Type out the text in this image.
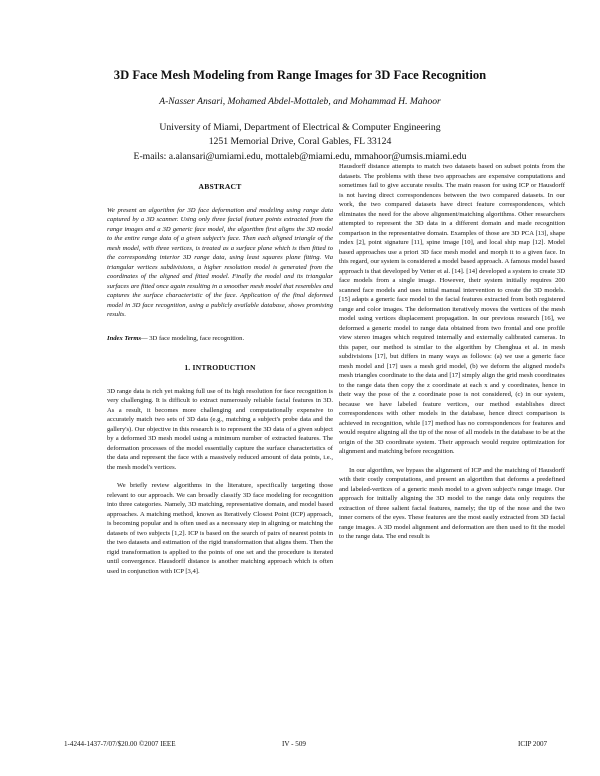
3D Face Mesh Modeling from Range Images for 3D Face Recognition
A-Nasser Ansari, Mohamed Abdel-Mottaleb, and Mohammad H. Mahoor
University of Miami, Department of Electrical & Computer Engineering
1251 Memorial Drive, Coral Gables, FL 33124
E-mails: a.alansari@umiami.edu, mottaleb@miami.edu, mmahoor@umsis.miami.edu
ABSTRACT

We present an algorithm for 3D face deformation and modeling using range data captured by a 3D scanner. Using only three facial feature points extracted from the range images and a 3D generic face model, the algorithm first aligns the 3D model to the entire range data of a given subject's face. Then each aligned triangle of the mesh model, with three vertices, is treated as a surface plane which is then fitted to the corresponding interior 3D range data, using least squares plane fitting. Via triangular vertices subdivisions, a higher resolution model is generated from the coordinates of the aligned and fitted model. Finally the model and its triangular surfaces are fitted once again resulting in a smoother mesh model that resembles and captures the surface characteristic of the face. Application of the final deformed model in 3D face recognition, using a publicly available database, shows promising results.

Index Terms— 3D face modeling, face recognition.

1. INTRODUCTION

3D range data is rich yet making full use of its high resolution for face recognition is very challenging. It is difficult to extract numerously reliable facial features in 3D. As a result, it becomes more challenging and computationally expensive to accurately match two sets of 3D data (e.g., matching a subject's probe data and the gallery's). Our objective in this research is to represent the 3D data of a given subject by a deformed 3D mesh model using a minimum number of extracted features. The deformation processes of the model essentially capture the surface characteristics of the data and represent the face with a massively reduced amount of data points, i.e., the mesh model's vertices.

We briefly review algorithms in the literature, specifically targeting those relevant to our approach. We can broadly classify 3D face modeling for recognition into three categories. Namely, 3D matching, representative domain, and model based approaches. A matching method, known as Iteratively Closest Point (ICP) approach, is becoming popular and is often used as a necessary step in aligning or matching the datasets of two subjects [1,2]. ICP is based on the search of pairs of nearest points in the two datasets and estimation of the rigid transformation that aligns them. Then the rigid transformation is applied to the points of one set and the procedure is iterated until convergence. Hausdorff distance is another matching approach which is often used in conjunction with ICP [3,4].

Hausdorff distance attempts to match two datasets based on subset points from the datasets. The problems with these two approaches are expensive computations and sometimes fail to give accurate results. The main reason for using ICP or Hausdorff is not having direct correspondences between the two compared datasets. In our work, the two compared datasets have direct feature correspondences, which eliminates the need for the above alignment/matching algorithms. Other researchers attempted to represent the 3D data in a different domain and made recognition comparison in the representative domain. Examples of those are 3D PCA [13], shape index [2], point signature [11], spine image [10], and local ship map [12]. Model based approaches use a priori 3D face mesh model and morph it to a given face. In this regard, our system is considered a model based approach. A famous model based approach is that developed by Vetter et al. [14]. [14] developed a system to create 3D face models from a single image. However, their system initially requires 200 scanned face models and uses initial manual intervention to create the 3D models. [15] adapts a generic face model to the facial features extracted from both registered range and color images. The deformation iteratively moves the vertices of the mesh model using vertices displacement propagation. In our previous research [16], we deformed a generic model to range data obtained from two frontal and one profile view stereo images which required internally and externally calibrated cameras. In this paper, our method is similar to the algorithm by Chenghua et al. in mesh subdivisions [17], but differs in many ways as follows: (a) we use a generic face mesh model and [17] uses a mesh grid model, (b) we deform the aligned model's mesh triangles coordinate to the data and [17] simply align the grid mesh coordinates to the range data then copy the z coordinate at each x and y coordinates, hence in their way the pose of the z coordinate pose is not considered, (c) in our system, because we have labeled feature vertices, our method establishes direct correspondences with other models in the database, hence direct comparison is achieved in recognition, while [17] method has no correspondences for features and would require aligning all the tip of the nose of all models in the database to be at the origin of the 3D coordinate system. Their approach would require optimization for alignment and matching before recognition.

In our algorithm, we bypass the alignment of ICP and the matching of Hausdorff with their costly computations, and present an algorithm that deforms a predefined and labeled-vertices of a generic mesh model to a given subject's range image. Our approach for initially aligning the 3D model to the range data only requires the extraction of three salient facial features, namely; the tip of the nose and the two inner corners of the eyes. These features are the most easily extracted from 3D facial range images. A 3D model alignment and deformation are then used to fit the model to the range data. The end result is

1-4244-1437-7/07/$20.00 ©2007 IEEE	IV - 509	ICIP 2007
